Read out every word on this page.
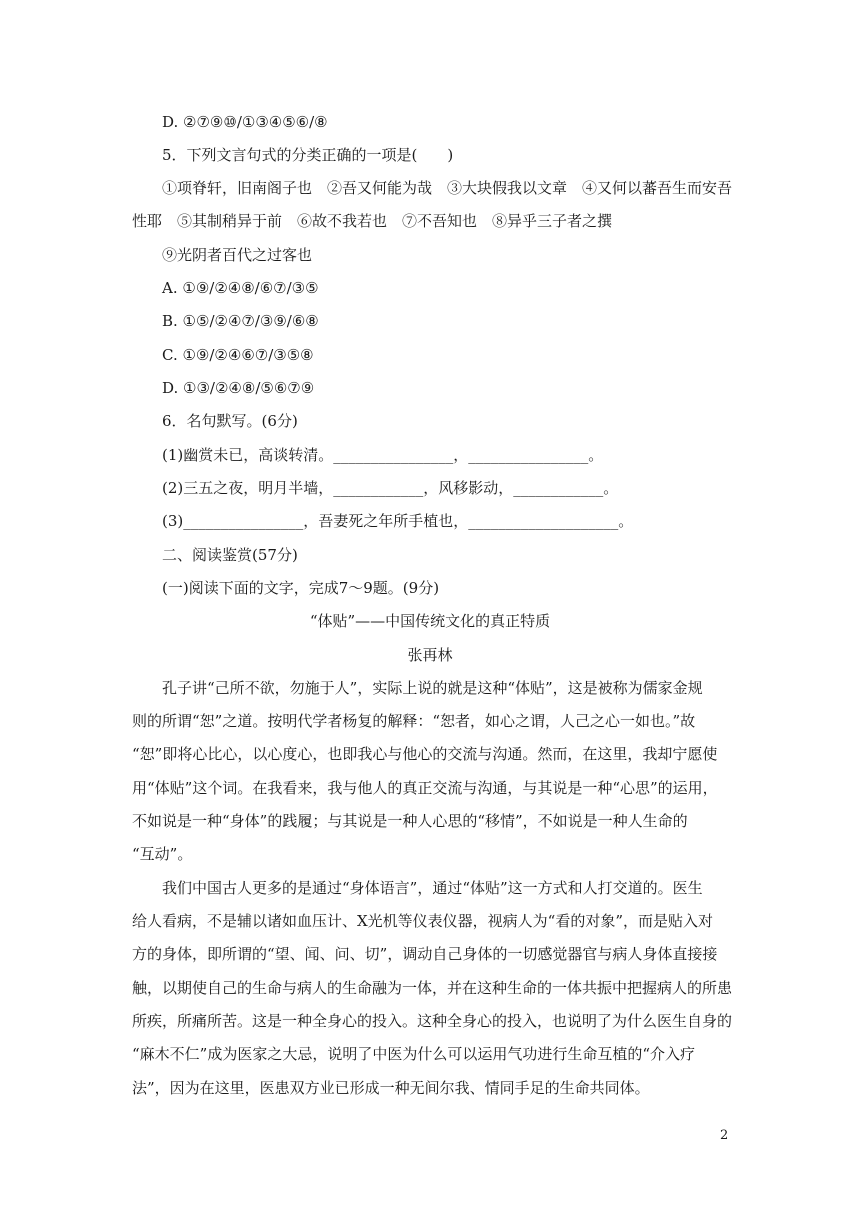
D. ②⑦⑨⑩/①③④⑤⑥/⑧
5．下列文言句式的分类正确的一项是(　　)
①项脊轩，旧南阁子也　②吾又何能为哉　③大块假我以文章　④又何以蕃吾生而安吾
性耶　⑤其制稍异于前　⑥故不我若也　⑦不吾知也　⑧异乎三子者之撰
⑨光阴者百代之过客也
A. ①⑨/②④⑧/⑥⑦/③⑤
B. ①⑤/②④⑦/③⑨/⑥⑧
C. ①⑨/②④⑥⑦/③⑤⑧
D. ①③/②④⑧/⑤⑥⑦⑨
6．名句默写。(6分)
(1)幽赏未已，高谈转清。________________，________________。
(2)三五之夜，明月半墙，____________，风移影动，____________。
(3)________________，吾妻死之年所手植也，____________________。
二、阅读鉴赏(57分)
(一)阅读下面的文字，完成7～9题。(9分)
“体贴”——中国传统文化的真正特质
张再林
　　孔子讲“己所不欲，勿施于人”，实际上说的就是这种“体贴”，这是被称为儒家金规
则的所谓“恕”之道。按明代学者杨复的解释：“恕者，如心之谓，人己之心一如也。”故
“恕”即将心比心，以心度心，也即我心与他心的交流与沟通。然而，在这里，我却宁愿使
用“体贴”这个词。在我看来，我与他人的真正交流与沟通，与其说是一种“心思”的运用，
不如说是一种“身体”的践履；与其说是一种人心思的“移情”，不如说是一种人生命的
“互动”。
　　我们中国古人更多的是通过“身体语言”，通过“体贴”这一方式和人打交道的。医生
给人看病，不是辅以诸如血压计、X光机等仪表仪器，视病人为“看的对象”，而是贴入对
方的身体，即所谓的“望、闻、问、切”，调动自己身体的一切感觉器官与病人身体直接接
触，以期使自己的生命与病人的生命融为一体，并在这种生命的一体共振中把握病人的所患
所疾，所痛所苦。这是一种全身心的投入。这种全身心的投入，也说明了为什么医生自身的
“麻木不仁”成为医家之大忌，说明了中医为什么可以运用气功进行生命互植的“介入疗
法”，因为在这里，医患双方业已形成一种无间尔我、情同手足的生命共同体。
2
